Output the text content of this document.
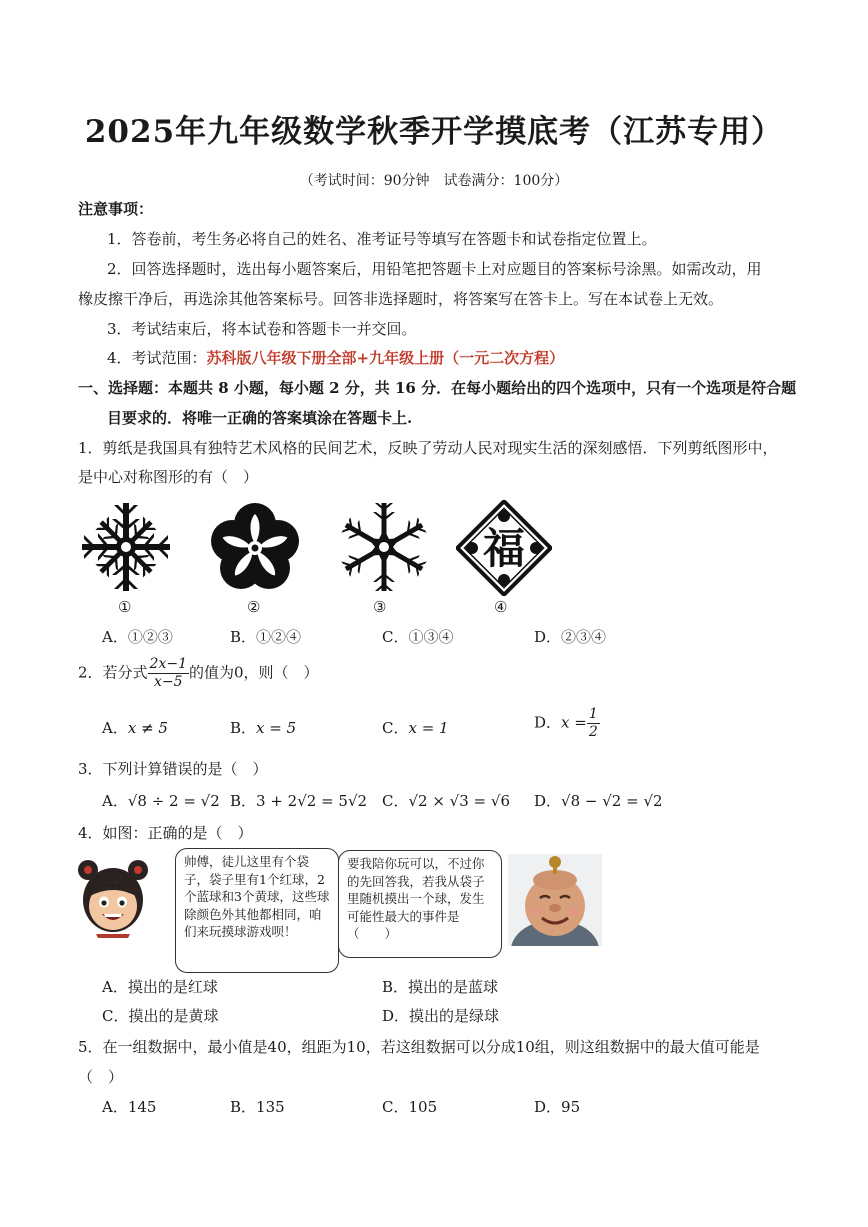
2025年九年级数学秋季开学摸底考（江苏专用）
（考试时间：90分钟　试卷满分：100分）
注意事项：
1．答卷前，考生务必将自己的姓名、准考证号等填写在答题卡和试卷指定位置上。
2．回答选择题时，选出每小题答案后，用铅笔把答题卡上对应题目的答案标号涂黑。如需改动，用
橡皮擦干净后，再选涂其他答案标号。回答非选择题时，将答案写在答卡上。写在本试卷上无效。
3．考试结束后，将本试卷和答题卡一并交回。
4．考试范围：苏科版八年级下册全部+九年级上册（一元二次方程）
一、选择题：本题共 8 小题，每小题 2 分，共 16 分．在每小题给出的四个选项中，只有一个选项是符合题
目要求的．将唯一正确的答案填涂在答题卡上.
1．剪纸是我国具有独特艺术风格的民间艺术，反映了劳动人民对现实生活的深刻感悟．下列剪纸图形中，
是中心对称图形的有（　）
福
①	②	③	④
A．①②③	B．①②④	C．①③④	D．②③④
2．若分式 $\frac{2x-1}{x-5}$ 的值为0，则（　）
A．x ≠ 5	B．x = 5	C．x = 1	D．$x = \frac{1}{2}$
3．下列计算错误的是（　）
A．√8 ÷ 2 = √2 B．3 + 2√2 = 5√2 C．√2 × √3 = √6 D．√8 − √2 = √2
4．如图：正确的是（　）
帅傅，徒儿这里有个袋子，袋子里有1个红球，2个蓝球和3个黄球，这些球除颜色外其他都相同，咱们来玩摸球游戏呗！
要我陪你玩可以，不过你的先回答我，若我从袋子里随机摸出一个球，发生可能性最大的事件是（　　）
A．摸出的是红球	B．摸出的是蓝球
C．摸出的是黄球	D．摸出的是绿球
5．在一组数据中，最小值是40，组距为10，若这组数据可以分成10组，则这组数据中的最大值可能是
（　）
A．145	B．135	C．105	D．95
